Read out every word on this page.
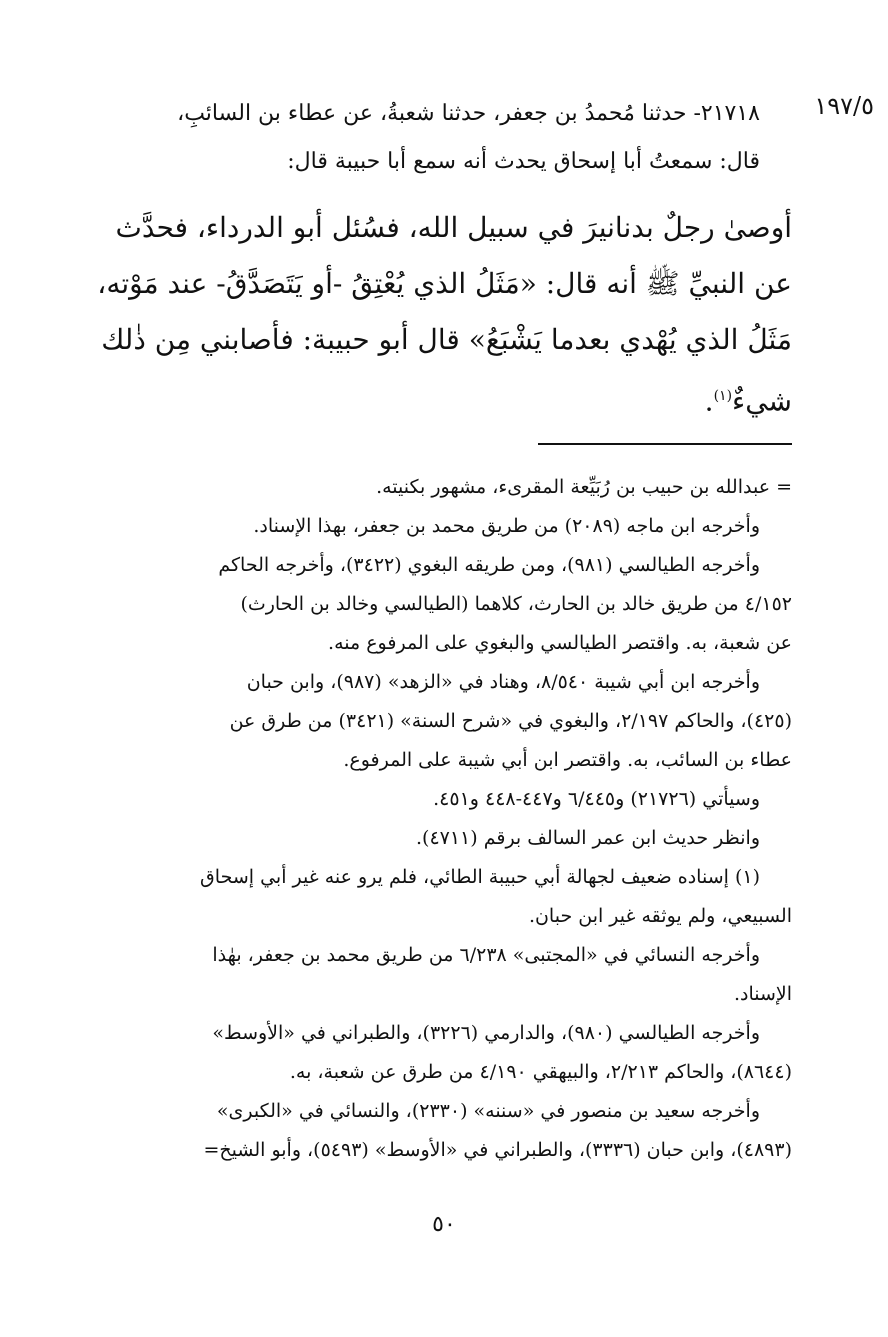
١٩٧/٥
٢١٧١٨- حدثنا مُحمدُ بن جعفر، حدثنا شعبةُ، عن عطاء بن السائبِ،
قال: سمعتُ أبا إسحاق يحدث أنه سمع أبا حبيبة قال:
أوصىٰ رجلٌ بدنانيرَ في سبيل الله، فسُئل أبو الدرداء، فحدَّث
عن النبيِّ ﷺ أنه قال: «مَثَلُ الذي يُعْتِقُ -أو يَتَصَدَّقُ- عند مَوْته،
مَثَلُ الذي يُهْدي بعدما يَشْبَعُ» قال أبو حبيبة: فأصابني مِن ذٰلك
شيءٌ$^{(١)}$.
= عبدالله بن حبيب بن رُبَيِّعة المقرىء، مشهور بكنيته.
وأخرجه ابن ماجه (٢٠٨٩) من طريق محمد بن جعفر، بهذا الإسناد.
وأخرجه الطيالسي (٩٨١)، ومن طريقه البغوي (٣٤٢٢)، وأخرجه الحاكم
٤/١٥٢ من طريق خالد بن الحارث، كلاهما (الطيالسي وخالد بن الحارث)
عن شعبة، به. واقتصر الطيالسي والبغوي على المرفوع منه.
وأخرجه ابن أبي شيبة ٨/٥٤٠، وهناد في «الزهد» (٩٨٧)، وابن حبان
(٤٢٥)، والحاكم ٢/١٩٧، والبغوي في «شرح السنة» (٣٤٢١) من طرق عن
عطاء بن السائب، به. واقتصر ابن أبي شيبة على المرفوع.
وسيأتي (٢١٧٢٦) و٦/٤٤٥ و٤٤٧-٤٤٨ و٤٥١.
وانظر حديث ابن عمر السالف برقم (٤٧١١).
(١) إسناده ضعيف لجهالة أبي حبيبة الطائي، فلم يرو عنه غير أبي إسحاق
السبيعي، ولم يوثقه غير ابن حبان.
وأخرجه النسائي في «المجتبى» ٦/٢٣٨ من طريق محمد بن جعفر، بهٰذا
الإسناد.
وأخرجه الطيالسي (٩٨٠)، والدارمي (٣٢٢٦)، والطبراني في «الأوسط»
(٨٦٤٤)، والحاكم ٢/٢١٣، والبيهقي ٤/١٩٠ من طرق عن شعبة، به.
وأخرجه سعيد بن منصور في «سننه» (٢٣٣٠)، والنسائي في «الكبرى»
(٤٨٩٣)، وابن حبان (٣٣٣٦)، والطبراني في «الأوسط» (٥٤٩٣)، وأبو الشيخ=
٥٠
